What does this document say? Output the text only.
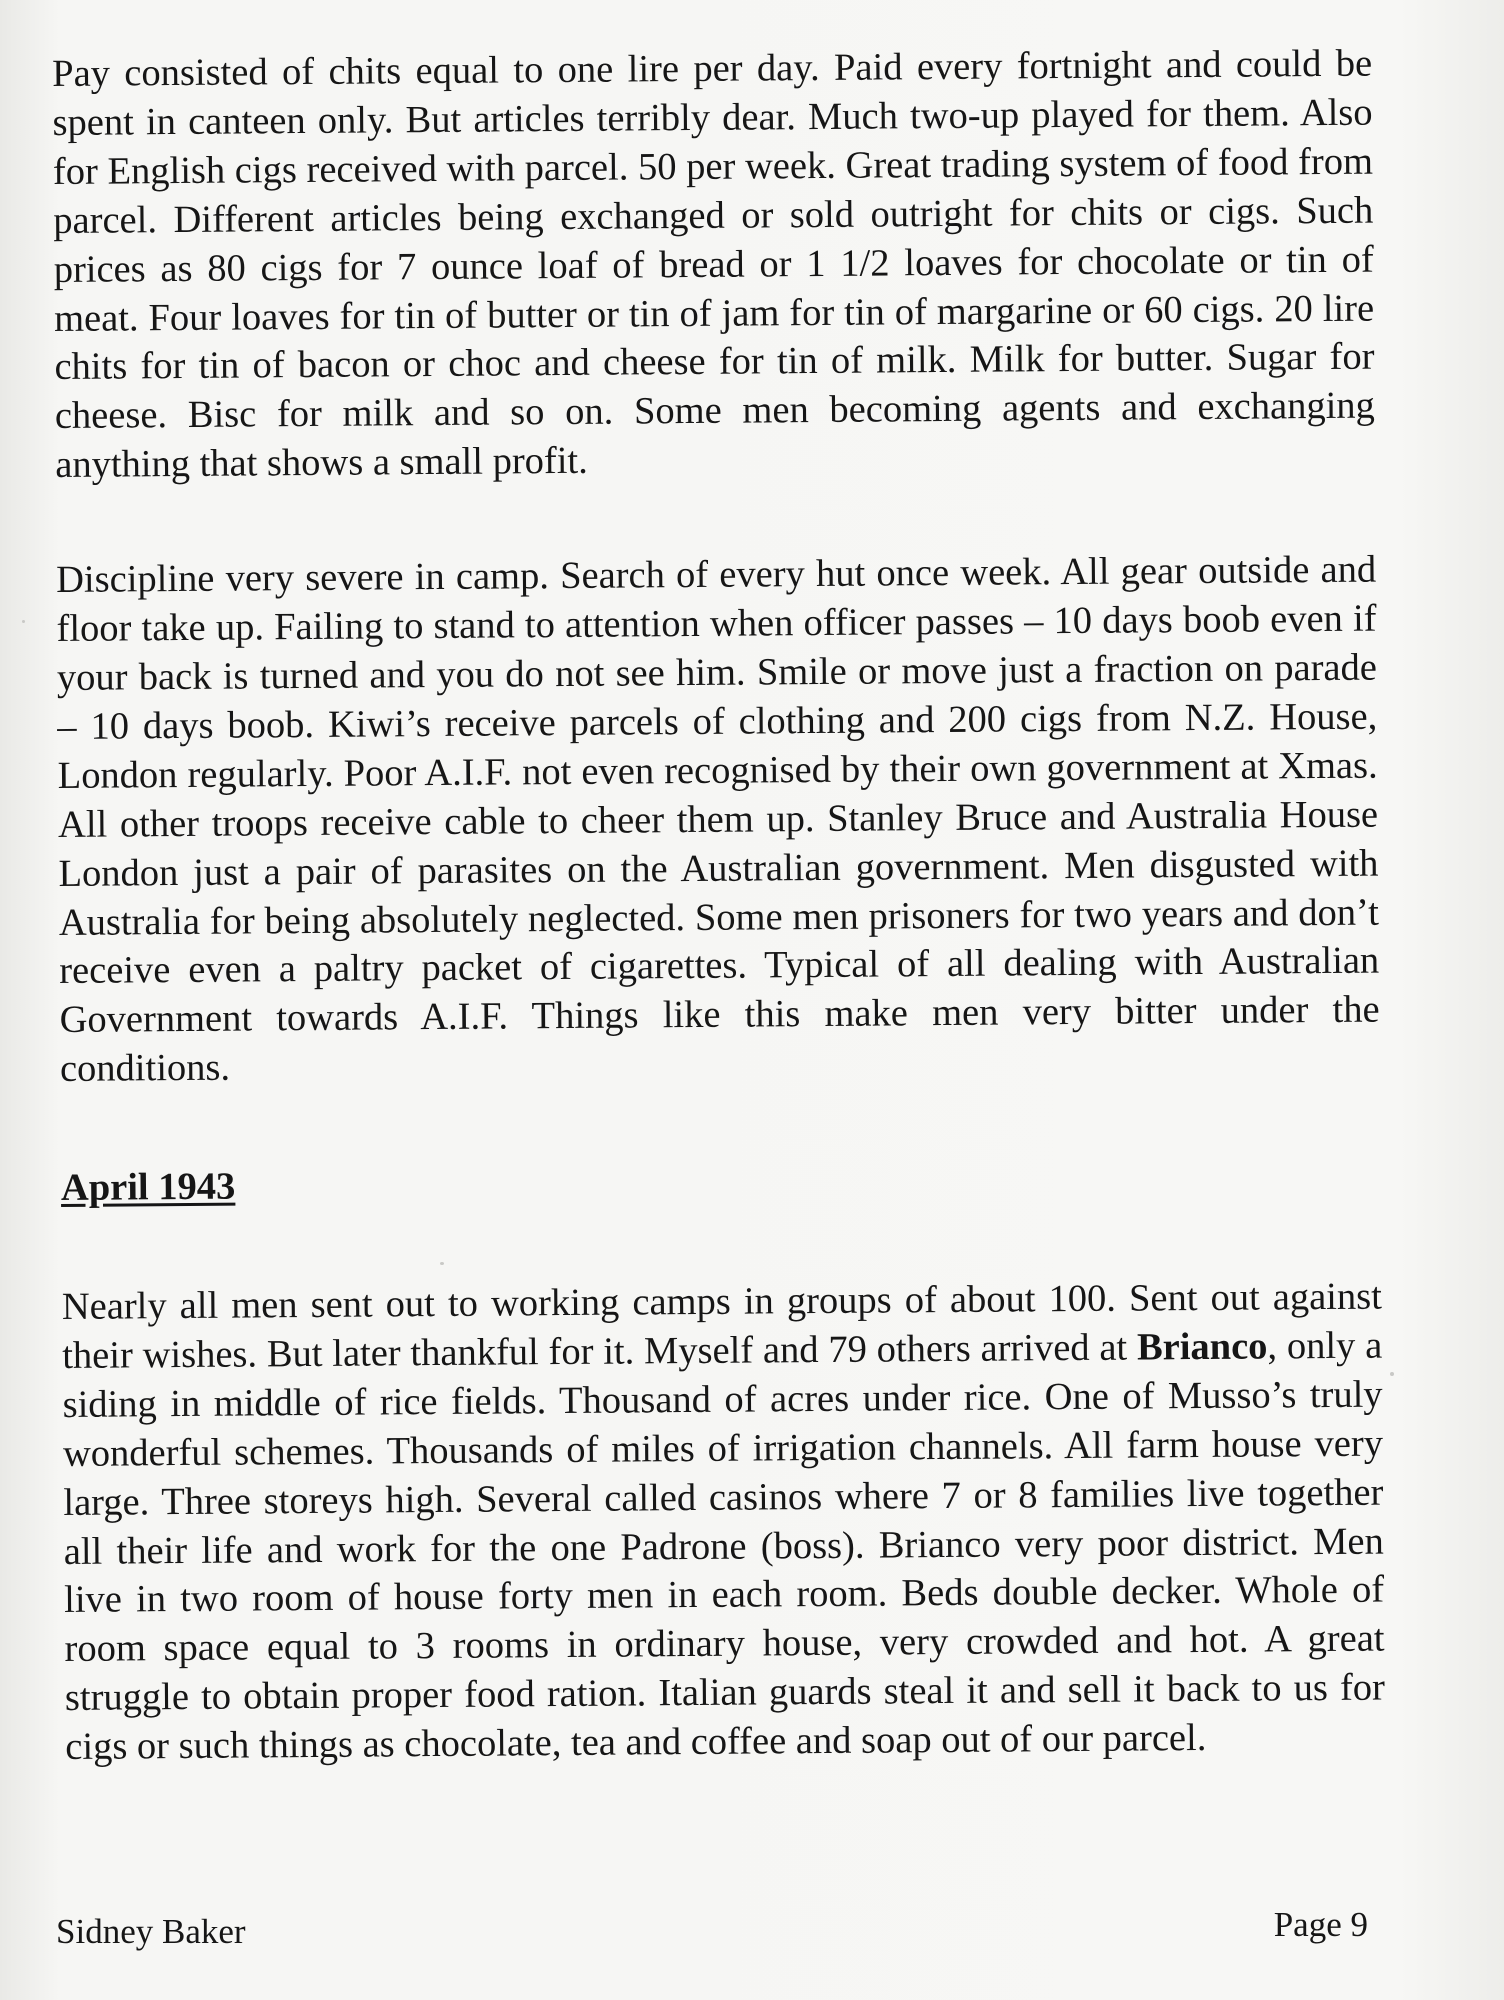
Pay consisted of chits equal to one lire per day. Paid every fortnight and could be spent in canteen only. But articles terribly dear. Much two-up played for them. Also for English cigs received with parcel. 50 per week. Great trading system of food from parcel. Different articles being exchanged or sold outright for chits or cigs. Such prices as 80 cigs for 7 ounce loaf of bread or 1 1/2 loaves for chocolate or tin of meat. Four loaves for tin of butter or tin of jam for tin of margarine or 60 cigs. 20 lire chits for tin of bacon or choc and cheese for tin of milk. Milk for butter. Sugar for cheese. Bisc for milk and so on. Some men becoming agents and exchanging anything that shows a small profit.

Discipline very severe in camp. Search of every hut once week. All gear outside and floor take up. Failing to stand to attention when officer passes – 10 days boob even if your back is turned and you do not see him. Smile or move just a fraction on parade – 10 days boob. Kiwi’s receive parcels of clothing and 200 cigs from N.Z. House, London regularly. Poor A.I.F. not even recognised by their own government at Xmas. All other troops receive cable to cheer them up. Stanley Bruce and Australia House London just a pair of parasites on the Australian government. Men disgusted with Australia for being absolutely neglected. Some men prisoners for two years and don’t receive even a paltry packet of cigarettes. Typical of all dealing with Australian Government towards A.I.F. Things like this make men very bitter under the conditions.

April 1943

Nearly all men sent out to working camps in groups of about 100. Sent out against their wishes. But later thankful for it. Myself and 79 others arrived at Brianco, only a siding in middle of rice fields. Thousand of acres under rice. One of Musso’s truly wonderful schemes. Thousands of miles of irrigation channels. All farm house very large. Three storeys high. Several called casinos where 7 or 8 families live together all their life and work for the one Padrone (boss). Brianco very poor district. Men live in two room of house forty men in each room. Beds double decker. Whole of room space equal to 3 rooms in ordinary house, very crowded and hot. A great struggle to obtain proper food ration. Italian guards steal it and sell it back to us for cigs or such things as chocolate, tea and coffee and soap out of our parcel.

Sidney Baker	Page 9
